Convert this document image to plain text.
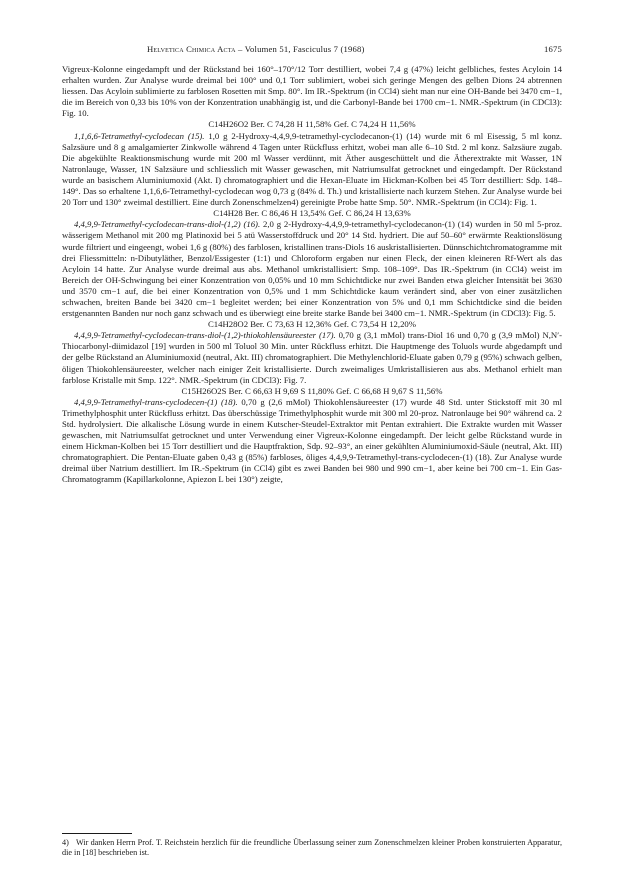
Helvetica Chimica Acta – Volumen 51, Fasciculus 7 (1968)	1675

Vigreux-Kolonne eingedampft und der Rückstand bei 160°–170°/12 Torr destilliert, wobei 7,4 g (47%) leicht gelbliches, festes Acyloin 14 erhalten wurden. Zur Analyse wurde dreimal bei 100° und 0,1 Torr sublimiert, wobei sich geringe Mengen des gelben Dions 24 abtrennen liessen. Das Acyloin sublimierte zu farblosen Rosetten mit Smp. 80°. Im IR.-Spektrum (in CCl4) sieht man nur eine OH-Bande bei 3470 cm−1, die im Bereich von 0,33 bis 10% von der Konzentration unabhängig ist, und die Carbonyl-Bande bei 1700 cm−1. NMR.-Spektrum (in CDCl3): Fig. 10.

C14H26O2 Ber. C 74,28 H 11,58% Gef. C 74,24 H 11,56%

1,1,6,6-Tetramethyl-cyclodecan (15). 1,0 g 2-Hydroxy-4,4,9,9-tetramethyl-cyclodecanon-(1) (14) wurde mit 6 ml Eisessig, 5 ml konz. Salzsäure und 8 g amalgamierter Zinkwolle während 4 Tagen unter Rückfluss erhitzt, wobei man alle 6–10 Std. 2 ml konz. Salzsäure zugab. Die abgekühlte Reaktionsmischung wurde mit 200 ml Wasser verdünnt, mit Äther ausgeschüttelt und die Ätherextrakte mit Wasser, 1N Natronlauge, Wasser, 1N Salzsäure und schliesslich mit Wasser gewaschen, mit Natriumsulfat getrocknet und eingedampft. Der Rückstand wurde an basischem Aluminiumoxid (Akt. I) chromatographiert und die Hexan-Eluate im Hickman-Kolben bei 45 Torr destilliert: Sdp. 148–149°. Das so erhaltene 1,1,6,6-Tetramethyl-cyclodecan wog 0,73 g (84% d. Th.) und kristallisierte nach kurzem Stehen. Zur Analyse wurde bei 20 Torr und 130° zweimal destilliert. Eine durch Zonenschmelzen4) gereinigte Probe hatte Smp. 50°. NMR.-Spektrum (in CCl4): Fig. 1.

C14H28 Ber. C 86,46 H 13,54% Gef. C 86,24 H 13,63%

4,4,9,9-Tetramethyl-cyclodecan-trans-diol-(1,2) (16). 2,0 g 2-Hydroxy-4,4,9,9-tetramethyl-cyclodecanon-(1) (14) wurden in 50 ml 5-proz. wässerigem Methanol mit 200 mg Platinoxid bei 5 atü Wasserstoffdruck und 20° 14 Std. hydriert. Die auf 50–60° erwärmte Reaktionslösung wurde filtriert und eingeengt, wobei 1,6 g (80%) des farblosen, kristallinen trans-Diols 16 auskristallisierten. Dünnschichtchromatogramme mit drei Fliessmitteln: n-Dibutyläther, Benzol/Essigester (1:1) und Chloroform ergaben nur einen Fleck, der einen kleineren Rf-Wert als das Acyloin 14 hatte. Zur Analyse wurde dreimal aus abs. Methanol umkristallisiert: Smp. 108–109°. Das IR.-Spektrum (in CCl4) weist im Bereich der OH-Schwingung bei einer Konzentration von 0,05% und 10 mm Schichtdicke nur zwei Banden etwa gleicher Intensität bei 3630 und 3570 cm−1 auf, die bei einer Konzentration von 0,5% und 1 mm Schichtdicke kaum verändert sind, aber von einer zusätzlichen schwachen, breiten Bande bei 3420 cm−1 begleitet werden; bei einer Konzentration von 5% und 0,1 mm Schichtdicke sind die beiden erstgenannten Banden nur noch ganz schwach und es überwiegt eine breite starke Bande bei 3400 cm−1. NMR.-Spektrum (in CDCl3): Fig. 5.

C14H28O2 Ber. C 73,63 H 12,36% Gef. C 73,54 H 12,20%

4,4,9,9-Tetramethyl-cyclodecan-trans-diol-(1,2)-thiokohlensäureester (17). 0,70 g (3,1 mMol) trans-Diol 16 und 0,70 g (3,9 mMol) N,N′-Thiocarbonyl-diimidazol [19] wurden in 500 ml Toluol 30 Min. unter Rückfluss erhitzt. Die Hauptmenge des Toluols wurde abgedampft und der gelbe Rückstand an Aluminiumoxid (neutral, Akt. III) chromatographiert. Die Methylenchlorid-Eluate gaben 0,79 g (95%) schwach gelben, öligen Thiokohlensäureester, welcher nach einiger Zeit kristallisierte. Durch zweimaliges Umkristallisieren aus abs. Methanol erhielt man farblose Kristalle mit Smp. 122°. NMR.-Spektrum (in CDCl3): Fig. 7.

C15H26O2S Ber. C 66,63 H 9,69 S 11,80% Gef. C 66,68 H 9,67 S 11,56%

4,4,9,9-Tetramethyl-trans-cyclodecen-(1) (18). 0,70 g (2,6 mMol) Thiokohlensäureester (17) wurde 48 Std. unter Stickstoff mit 30 ml Trimethylphosphit unter Rückfluss erhitzt. Das überschüssige Trimethylphosphit wurde mit 300 ml 20-proz. Natronlauge bei 90° während ca. 2 Std. hydrolysiert. Die alkalische Lösung wurde in einem Kutscher-Steudel-Extraktor mit Pentan extrahiert. Die Extrakte wurden mit Wasser gewaschen, mit Natriumsulfat getrocknet und unter Verwendung einer Vigreux-Kolonne eingedampft. Der leicht gelbe Rückstand wurde in einem Hickman-Kolben bei 15 Torr destilliert und die Hauptfraktion, Sdp. 92–93°, an einer gekühlten Aluminiumoxid-Säule (neutral, Akt. III) chromatographiert. Die Pentan-Eluate gaben 0,43 g (85%) farbloses, öliges 4,4,9,9-Tetramethyl-trans-cyclodecen-(1) (18). Zur Analyse wurde dreimal über Natrium destilliert. Im IR.-Spektrum (in CCl4) gibt es zwei Banden bei 980 und 990 cm−1, aber keine bei 700 cm−1. Ein Gas-Chromatogramm (Kapillarkolonne, Apiezon L bei 130°) zeigte,

4) Wir danken Herrn Prof. T. Reichstein herzlich für die freundliche Überlassung seiner zum Zonenschmelzen kleiner Proben konstruierten Apparatur, die in [18] beschrieben ist.
